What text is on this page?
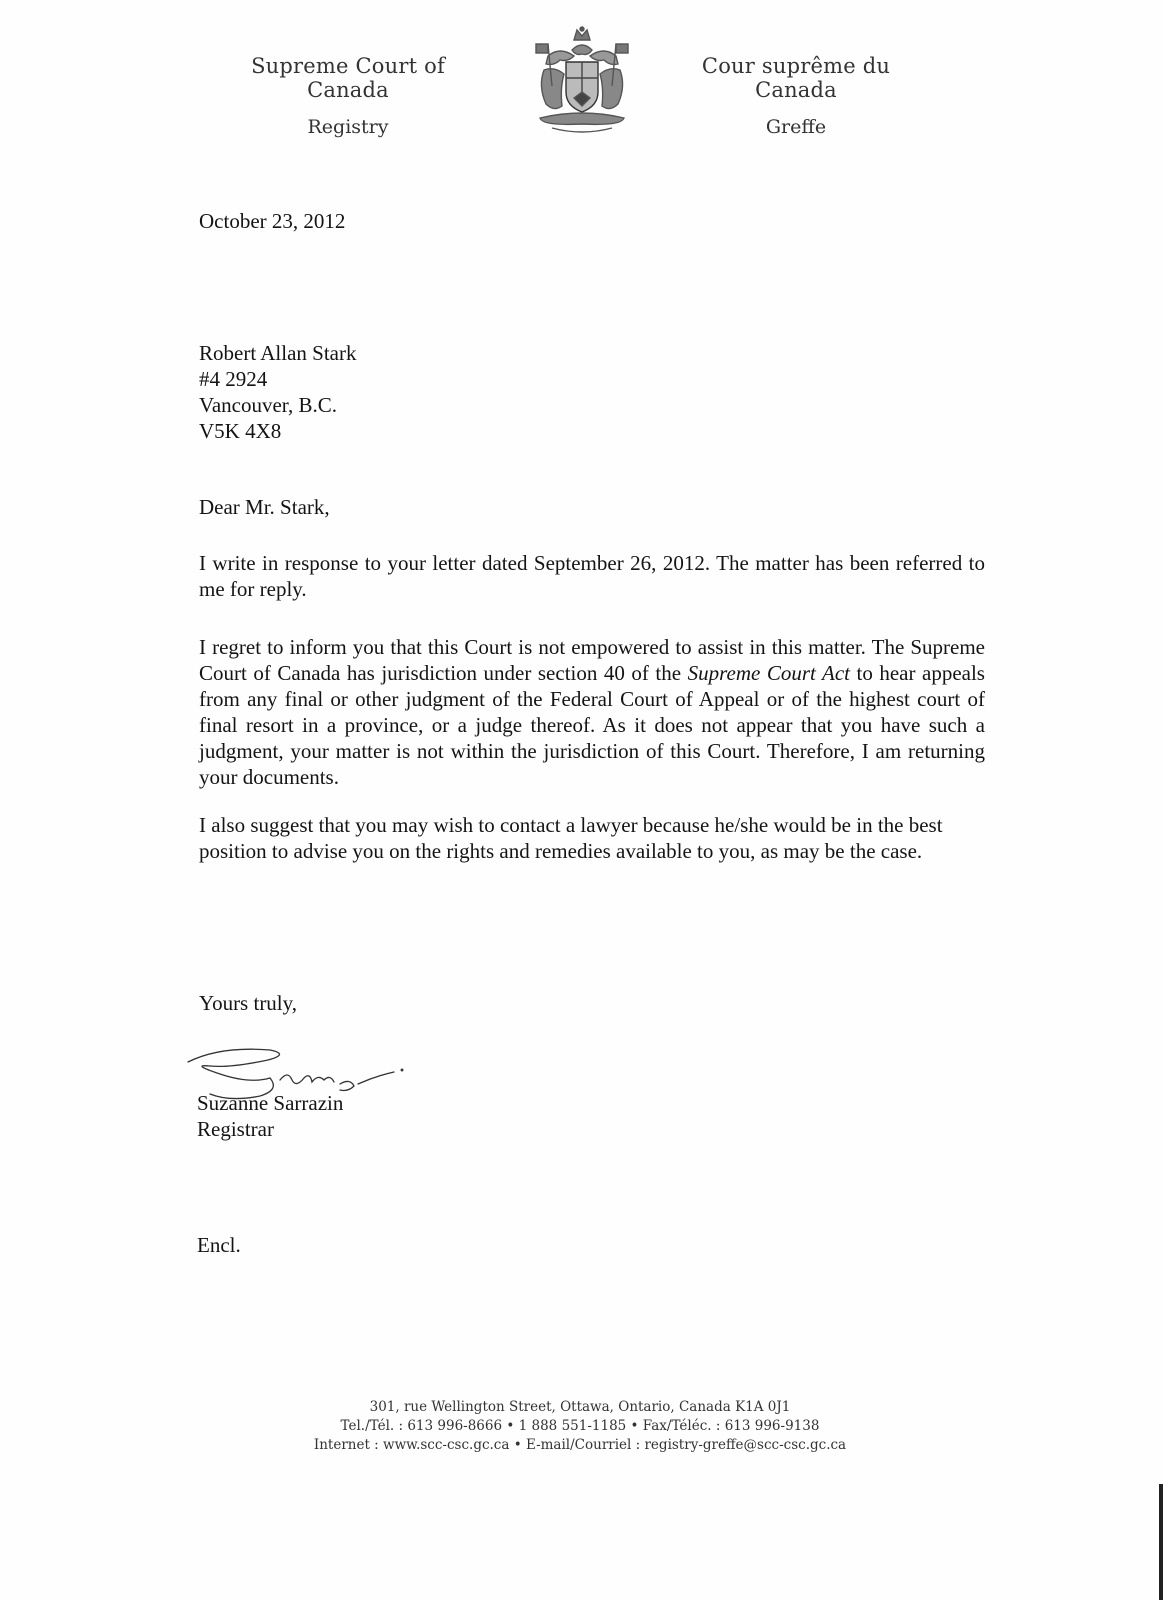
Supreme Court of Canada
Registry
Cour suprême du Canada
Greffe
October 23, 2012
Robert Allan Stark
#4 2924
Vancouver, B.C.
V5K 4X8
Dear Mr. Stark,
I write in response to your letter dated September 26, 2012. The matter has been referred to me for reply.
I regret to inform you that this Court is not empowered to assist in this matter. The Supreme Court of Canada has jurisdiction under section 40 of the Supreme Court Act to hear appeals from any final or other judgment of the Federal Court of Appeal or of the highest court of final resort in a province, or a judge thereof. As it does not appear that you have such a judgment, your matter is not within the jurisdiction of this Court. Therefore, I am returning your documents.
I also suggest that you may wish to contact a lawyer because he/she would be in the best position to advise you on the rights and remedies available to you, as may be the case.
Yours truly,
Suzanne Sarrazin
Registrar
Encl.
301, rue Wellington Street, Ottawa, Ontario, Canada K1A 0J1
Tel./Tél. : 613 996-8666 • 1 888 551-1185 • Fax/Téléc. : 613 996-9138
Internet : www.scc-csc.gc.ca • E-mail/Courriel : registry-greffe@scc-csc.gc.ca
